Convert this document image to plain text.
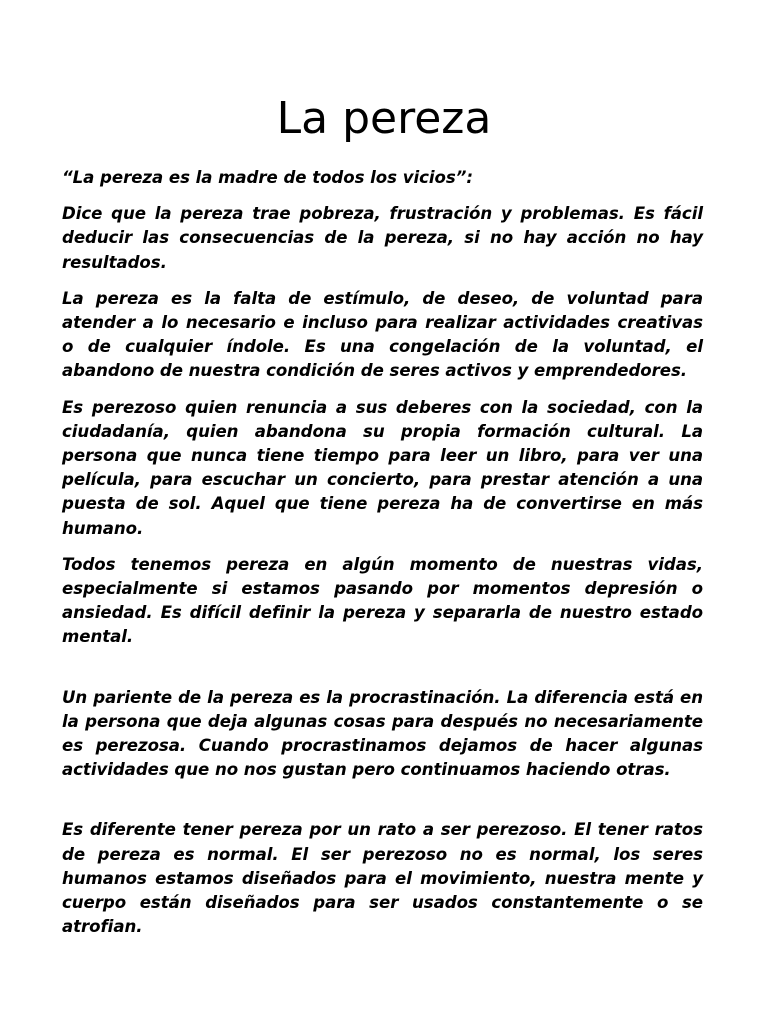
La pereza

“La pereza es la madre de todos los vicios”:

Dice que la pereza trae pobreza, frustración y problemas. Es fácil deducir las consecuencias de la pereza, si no hay acción no hay resultados.

La pereza es la falta de estímulo, de deseo, de voluntad para atender a lo necesario e incluso para realizar actividades creativas o de cualquier índole. Es una congelación de la voluntad, el abandono de nuestra condición de seres activos y emprendedores.

Es perezoso quien renuncia a sus deberes con la sociedad, con la ciudadanía, quien abandona su propia formación cultural. La persona que nunca tiene tiempo para leer un libro, para ver una película, para escuchar un concierto, para prestar atención a una puesta de sol. Aquel que tiene pereza ha de convertirse en más humano.

Todos tenemos pereza en algún momento de nuestras vidas, especialmente si estamos pasando por momentos depresión o ansiedad. Es difícil definir la pereza y separarla de nuestro estado mental.

Un pariente de la pereza es la procrastinación. La diferencia está en la persona que deja algunas cosas para después no necesariamente es perezosa. Cuando procrastinamos dejamos de hacer algunas actividades que no nos gustan pero continuamos haciendo otras.

Es diferente tener pereza por un rato a ser perezoso. El tener ratos de pereza es normal. El ser perezoso no es normal, los seres humanos estamos diseñados para el movimiento, nuestra mente y cuerpo están diseñados para ser usados constantemente o se atrofian.
